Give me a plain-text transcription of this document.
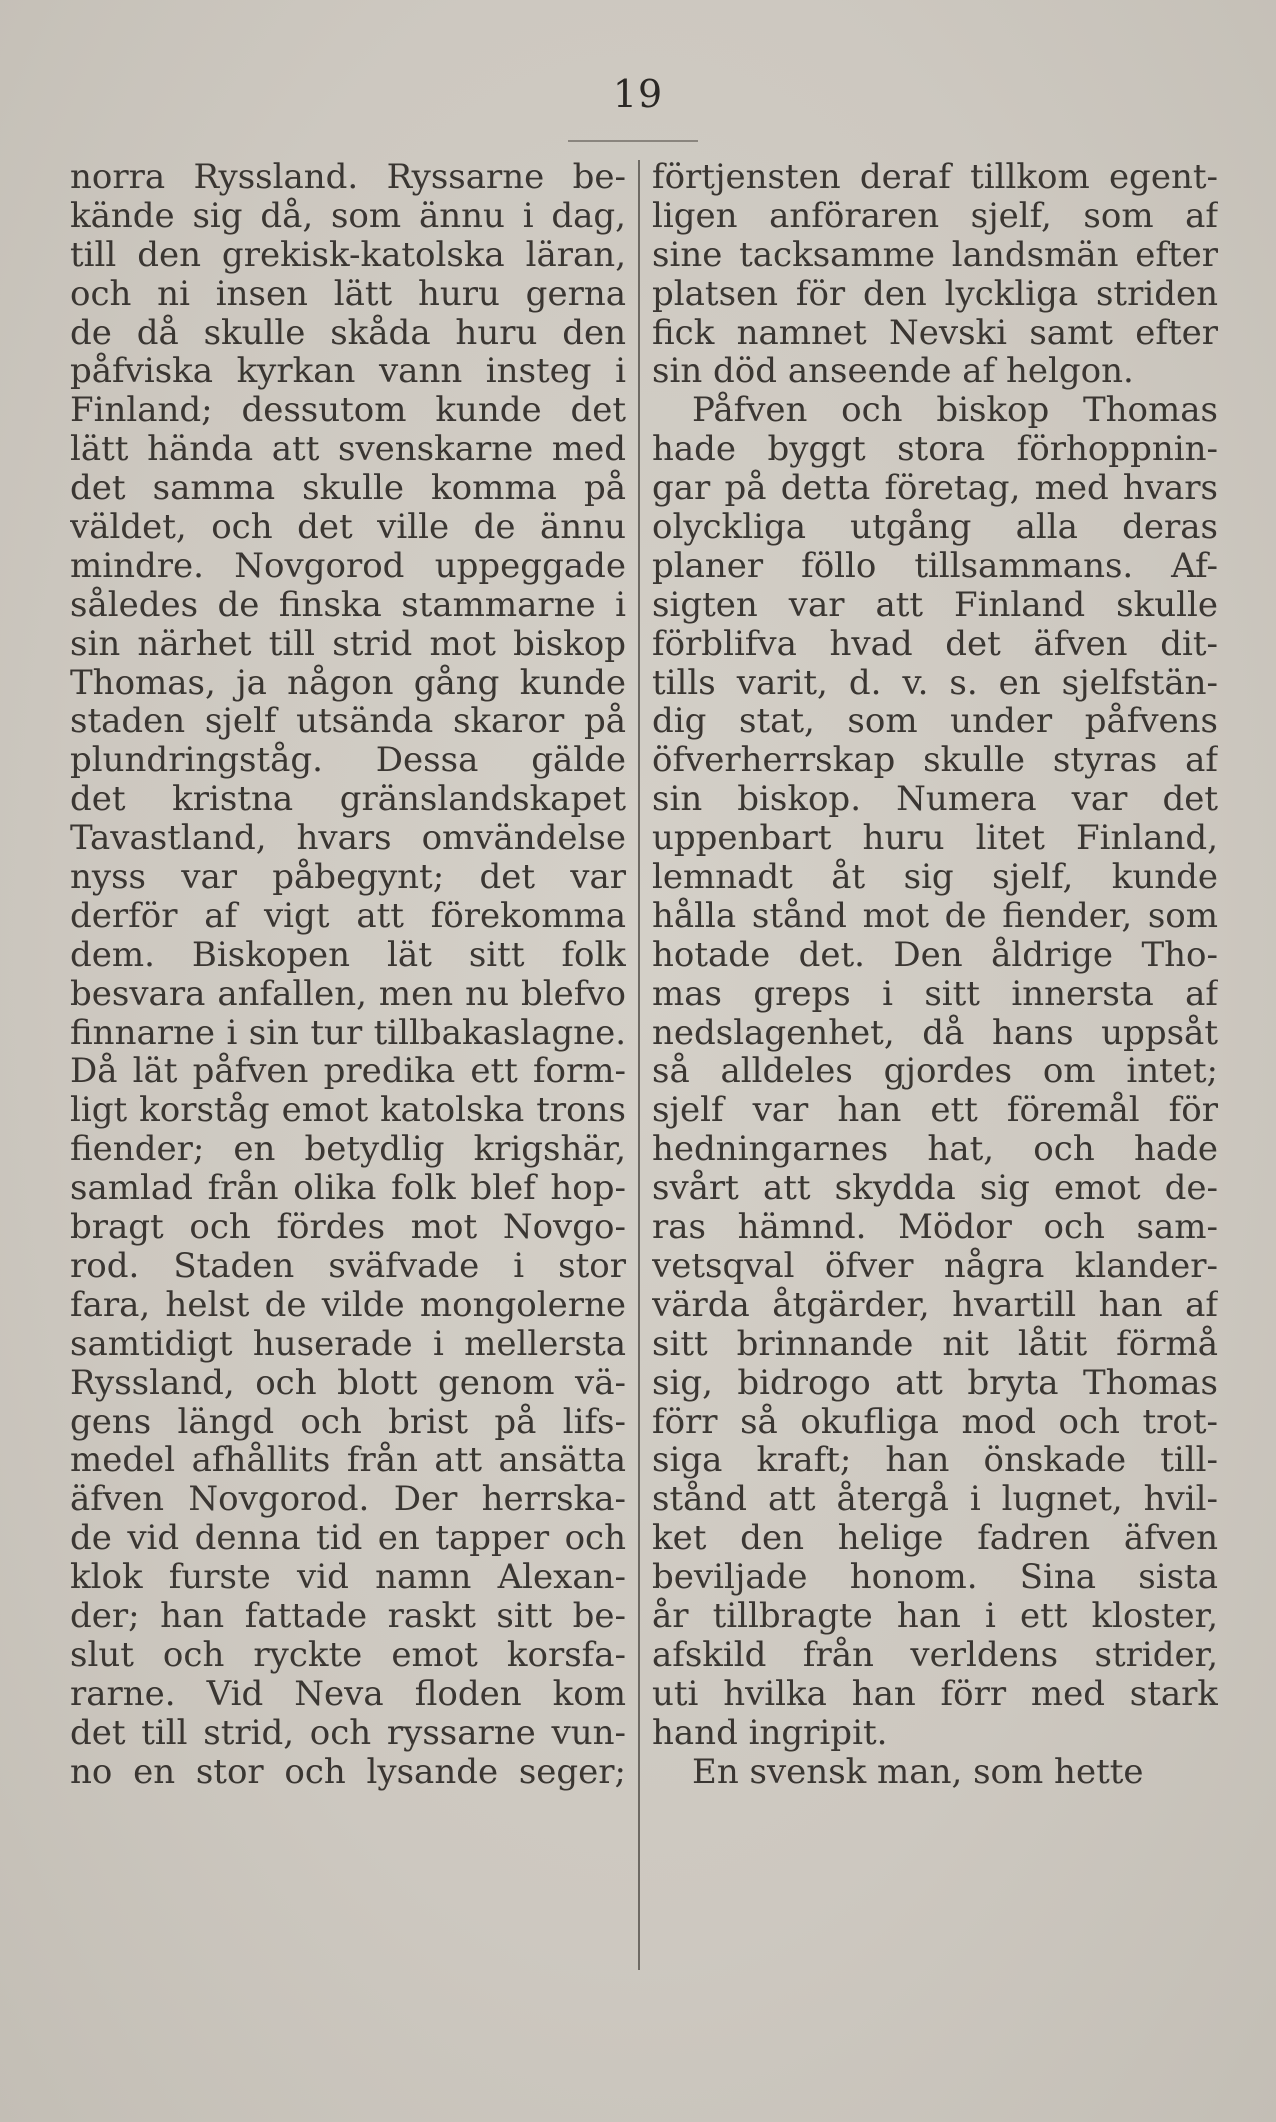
19
norra Ryssland. Ryssarne be-
kände sig då, som ännu i dag,
till den grekisk-katolska läran,
och ni insen lätt huru gerna
de då skulle skåda huru den
påfviska kyrkan vann insteg i
Finland; dessutom kunde det
lätt hända att svenskarne med
det samma skulle komma på
väldet, och det ville de ännu
mindre. Novgorod uppeggade
således de finska stammarne i
sin närhet till strid mot biskop
Thomas, ja någon gång kunde
staden sjelf utsända skaror på
plundringståg. Dessa gälde
det kristna gränslandskapet
Tavastland, hvars omvändelse
nyss var påbegynt; det var
derför af vigt att förekomma
dem. Biskopen lät sitt folk
besvara anfallen, men nu blefvo
finnarne i sin tur tillbakaslagne.
Då lät påfven predika ett form-
ligt korståg emot katolska trons
fiender; en betydlig krigshär,
samlad från olika folk blef hop-
bragt och fördes mot Novgo-
rod. Staden sväfvade i stor
fara, helst de vilde mongolerne
samtidigt huserade i mellersta
Ryssland, och blott genom vä-
gens längd och brist på lifs-
medel afhållits från att ansätta
äfven Novgorod. Der herrska-
de vid denna tid en tapper och
klok furste vid namn Alexan-
der; han fattade raskt sitt be-
slut och ryckte emot korsfa-
rarne. Vid Neva floden kom
det till strid, och ryssarne vun-
no en stor och lysande seger;
förtjensten deraf tillkom egent-
ligen anföraren sjelf, som af
sine tacksamme landsmän efter
platsen för den lyckliga striden
fick namnet Nevski samt efter
sin död anseende af helgon.
Påfven och biskop Thomas
hade byggt stora förhoppnin-
gar på detta företag, med hvars
olyckliga utgång alla deras
planer föllo tillsammans. Af-
sigten var att Finland skulle
förblifva hvad det äfven dit-
tills varit, d. v. s. en sjelfstän-
dig stat, som under påfvens
öfverherrskap skulle styras af
sin biskop. Numera var det
uppenbart huru litet Finland,
lemnadt åt sig sjelf, kunde
hålla stånd mot de fiender, som
hotade det. Den åldrige Tho-
mas greps i sitt innersta af
nedslagenhet, då hans uppsåt
så alldeles gjordes om intet;
sjelf var han ett föremål för
hedningarnes hat, och hade
svårt att skydda sig emot de-
ras hämnd. Mödor och sam-
vetsqval öfver några klander-
värda åtgärder, hvartill han af
sitt brinnande nit låtit förmå
sig, bidrogo att bryta Thomas
förr så okufliga mod och trot-
siga kraft; han önskade till-
stånd att återgå i lugnet, hvil-
ket den helige fadren äfven
beviljade honom. Sina sista
år tillbragte han i ett kloster,
afskild från verldens strider,
uti hvilka han förr med stark
hand ingripit.
En svensk man, som hette
